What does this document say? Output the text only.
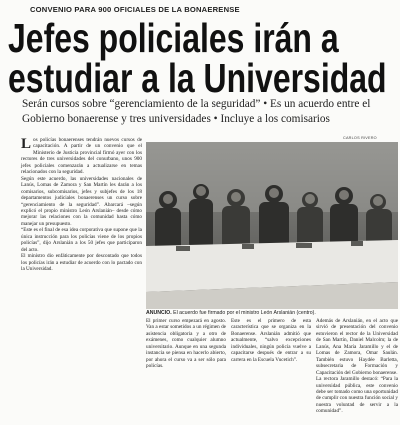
CONVENIO PARA 900 OFICIALES DE LA BONAERENSE
Jefes policiales irán a
estudiar a la Universidad
Serán cursos sobre “gerenciamiento de la seguridad” • Es un acuerdo entre el Gobierno bonaerense y tres universidades • Incluye a los comisarios
CARLOS RIVERO

Los policías bonaerenses tendrán nuevos cursos de capacitación. A partir de un convenio que el Ministerio de Justicia provincial firmó ayer con los rectores de tres universidades del conurbano, unos 900 jefes policiales comenzarán a actualizarse en temas relacionados con la seguridad.

Según este acuerdo, las universidades nacionales de Lanús, Lomas de Zamora y San Martín les darán a los comisarios, subcomisarios, jefes y subjefes de los 18 departamentos judiciales bonaerenses un curso sobre “gerenciamiento de la seguridad”. Abarcará –según explicó el propio ministro León Arslanián– desde cómo mejorar las relaciones con la comunidad hasta cómo manejar un presupuesto.

“Este es el final de esa idea corporativa que supone que la única instrucción para los policías viene de los propios policías”, dijo Arslanián a los 50 jefes que participaron del acto.

El ministro dio enfáticamente por descontado que todos los policías irán a estudiar de acuerdo con lo pactado con la Universidad.

ANUNCIO. El acuerdo fue firmado por el ministro León Arslanián (centro).

El primer curso empezará en agosto. Van a estar sometidos a un régimen de asistencia obligatoria y a otro de exámenes, como cualquier alumno universitario. Aunque en una segunda instancia se piensa en hacerlo abierto, por ahora el curso va a ser sólo para policías.

Este es el primero de esta característica que se organiza en la Bonaerense. Arslanián admitió que actualmente, “salvo excepciones individuales, ningún policía vuelve a capacitarse después de entrar a su carrera en la Escuela Vucetich”.

Además de Arslanián, en el acto que sirvió de presentación del convenio estuvieron el rector de la Universidad de San Martín, Daniel Malcolm; la de Lanús, Ana María Jaramillo y el de Lomas de Zamora, Omar Saulán. También estuvo Haydée Barletta, subsecretaria de Formación y Capacitación del Gobierno bonaerense.

La rectora Jaramillo destacó: “Para la universidad pública, este convenio debe ser tomado como una oportunidad de cumplir con nuestra función social y nuestra voluntad de servir a la comunidad”.
